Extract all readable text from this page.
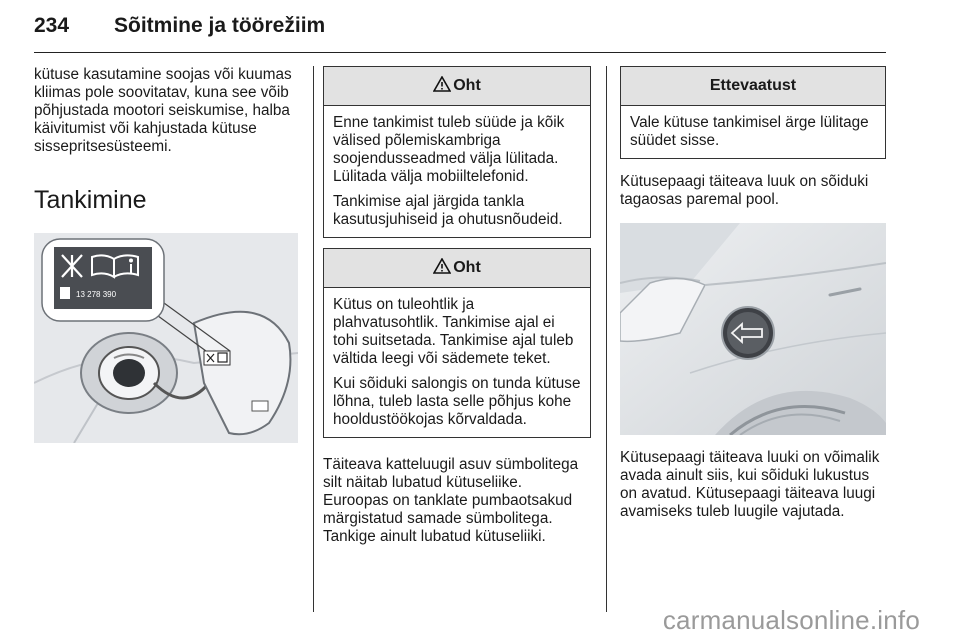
234 Sõitmine ja töörežiim

kütuse kasutamine soojas või kuumas kliimas pole soovitatav, kuna see võib põhjustada mootori seiskumise, halba käivitumist või kahjustada kütuse sissepritsesüsteemi.

Tankimine
13 278 390
Oht

Enne tankimist tuleb süüde ja kõik välised põlemiskambriga soojendusseadmed välja lülitada. Lülitada välja mobiiltelefonid.

Tankimise ajal järgida tankla kasutusjuhiseid ja ohutusnõudeid.

Oht

Kütus on tuleohtlik ja plahvatusohtlik. Tankimise ajal ei tohi suitsetada. Tankimise ajal tuleb vältida leegi või sädemete teket.

Kui sõiduki salongis on tunda kütuse lõhna, tuleb lasta selle põhjus kohe hooldustöökojas kõrvaldada.

Täiteava katteluugil asuv sümbolitega silt näitab lubatud kütuseliike. Euroopas on tanklate pumbaotsakud märgistatud samade sümbolitega. Tankige ainult lubatud kütuseliiki.

Ettevaatust

Vale kütuse tankimisel ärge lülitage süüdet sisse.

Kütusepaagi täiteava luuk on sõiduki tagaosas paremal pool.

Kütusepaagi täiteava luuki on võimalik avada ainult siis, kui sõiduki lukustus on avatud. Kütusepaagi täiteava luugi avamiseks tuleb luugile vajutada.

carmanualsonline.info
